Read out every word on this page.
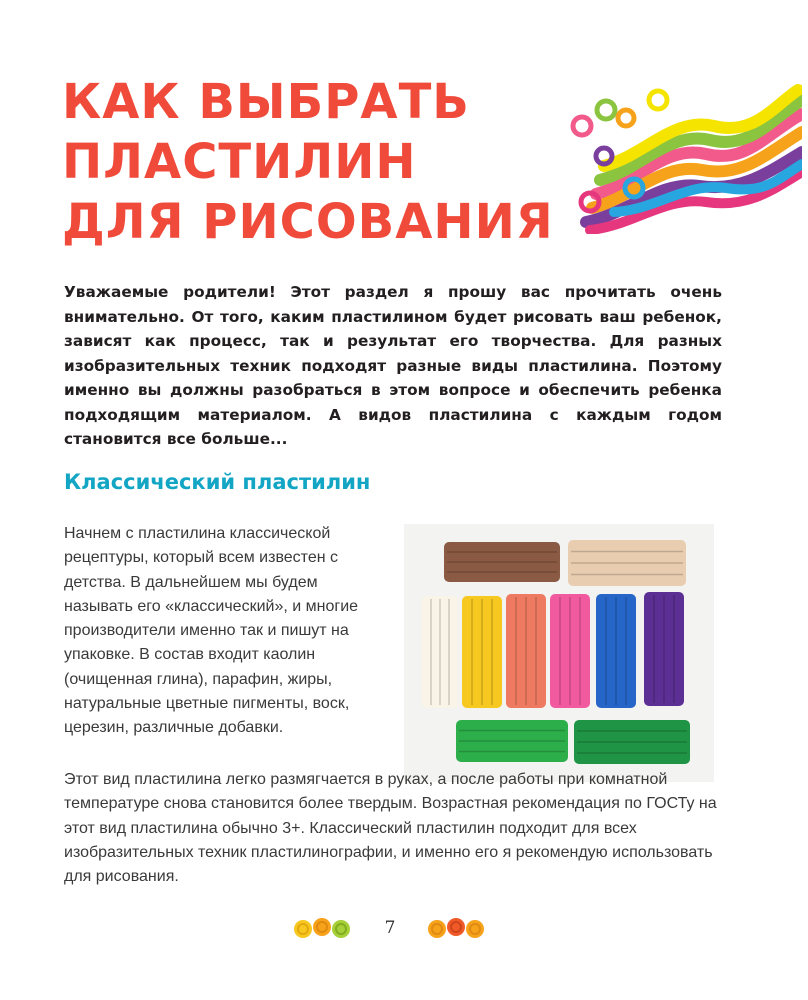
КАК ВЫБРАТЬ
ПЛАСТИЛИН
ДЛЯ РИСОВАНИЯ

Уважаемые родители! Этот раздел я прошу вас прочитать очень внимательно. От того, каким пластилином будет рисовать ваш ребенок, зависят как процесс, так и результат его творчества. Для разных изобразительных техник подходят разные виды пластилина. Поэтому именно вы должны разобраться в этом вопросе и обеспечить ребенка подходящим материалом. А видов пластилина с каждым годом становится все больше...

Классический пластилин

Начнем с пластилина классической рецептуры, который всем известен с детства. В дальнейшем мы будем называть его «классический», и многие производители именно так и пишут на упаковке. В состав входит каолин (очищенная глина), парафин, жиры, натуральные цветные пигменты, воск, церезин, различные добавки.

Этот вид пластилина легко размягчается в руках, а после работы при комнатной температуре снова становится более твердым. Возрастная рекомендация по ГОСТу на этот вид пластилина обычно 3+. Классический пластилин подходит для всех изобразительных техник пластилинографии, и именно его я рекомендую использовать для рисования.

7
